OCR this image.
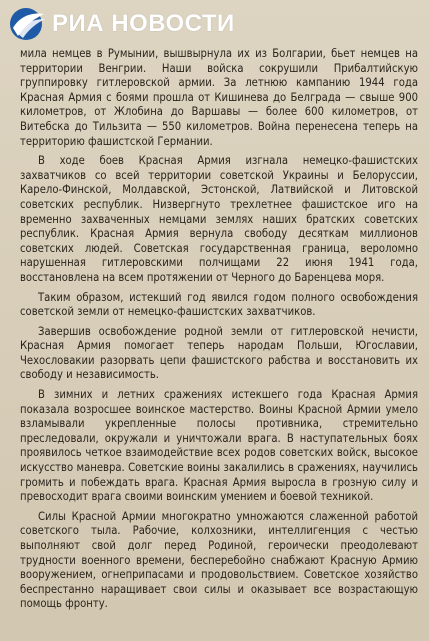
РИА НОВОСТИ

мила немцев в Румынии, вышвырнула их из Болгарии, бьет немцев на территории Венгрии. Наши войска сокрушили Прибалтийскую группировку гитлеровской армии. За летнюю кампанию 1944 года Красная Армия с боями прошла от Кишинева до Белграда — свыше 900 километров, от Жлобина до Варшавы — более 600 километров, от Витебска до Тильзита — 550 километров. Война перенесена теперь на территорию фашистской Германии.

В ходе боев Красная Армия изгнала немецко-фашистских захватчиков со всей территории советской Украины и Белоруссии, Карело-Финской, Молдавской, Эстонской, Латвийской и Литовской советских республик. Низвергнуто трехлетнее фашистское иго на временно захваченных немцами землях наших братских советских республик. Красная Армия вернула свободу десяткам миллионов советских людей. Советская государственная граница, вероломно нарушенная гитлеровскими полчищами 22 июня 1941 года, восстановлена на всем протяжении от Черного до Баренцева моря.

Таким образом, истекший год явился годом полного освобождения советской земли от немецко-фашистских захватчиков.

Завершив освобождение родной земли от гитлеровской нечисти, Красная Армия помогает теперь народам Польши, Югославии, Чехословакии разорвать цепи фашистского рабства и восстановить их свободу и независимость.

В зимних и летних сражениях истекшего года Красная Армия показала возросшее воинское мастерство. Воины Красной Армии умело взламывали укрепленные полосы противника, стремительно преследовали, окружали и уничтожали врага. В наступательных боях проявилось четкое взаимодействие всех родов советских войск, высокое искусство маневра. Советские воины закалились в сражениях, научились громить и побеждать врага. Красная Армия выросла в грозную силу и превосходит врага своими воинским умением и боевой техникой.

Силы Красной Армии многократно умножаются слаженной работой советского тыла. Рабочие, колхозники, интеллигенция с честью выполняют свой долг перед Родиной, героически преодолевают трудности военного времени, бесперебойно снабжают Красную Армию вооружением, огнеприпасами и продовольствием. Советское хозяйство беспрестанно наращивает свои силы и оказывает все возрастающую помощь фронту.
